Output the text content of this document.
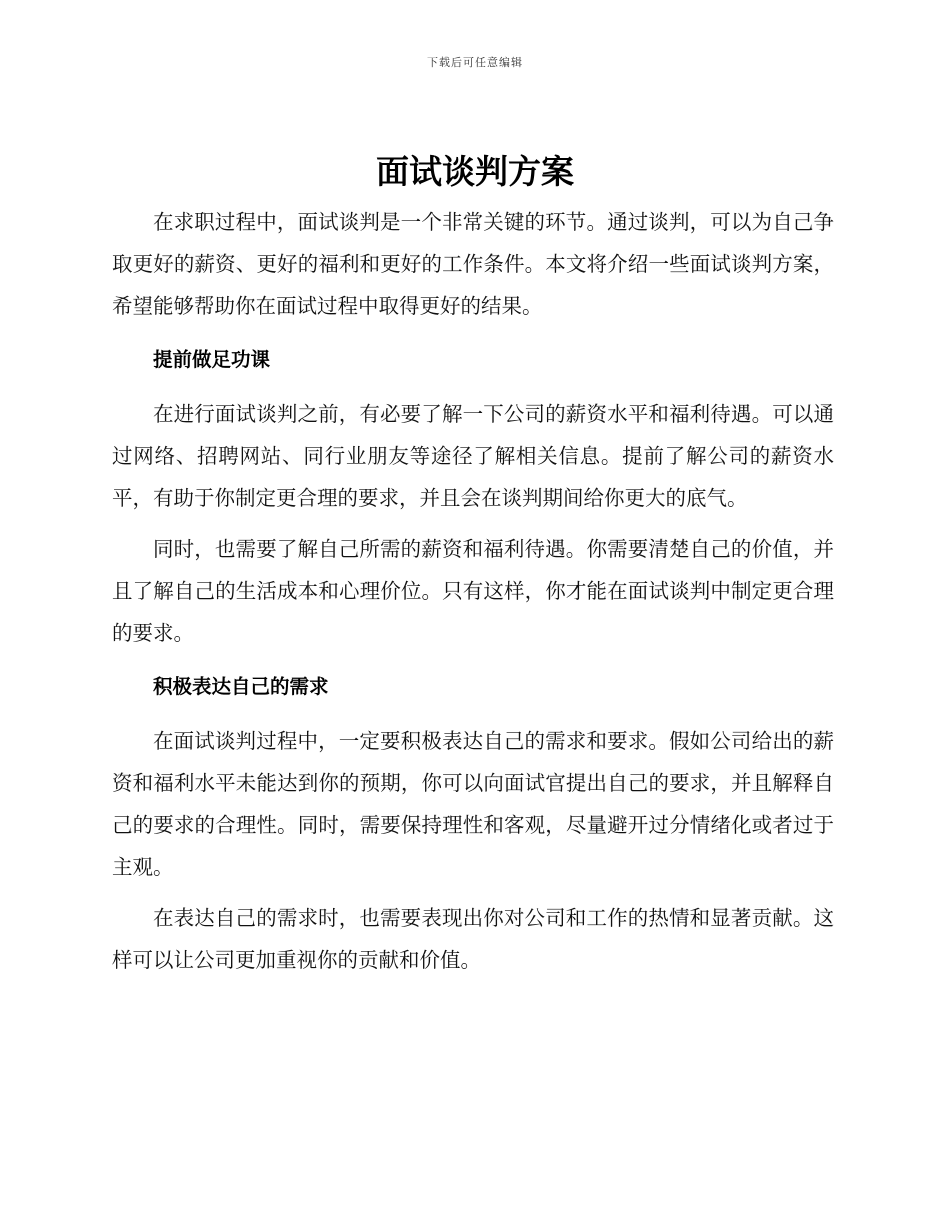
下载后可任意编辑
面试谈判方案

在求职过程中，面试谈判是一个非常关键的环节。通过谈判，可以为自己争取更好的薪资、更好的福利和更好的工作条件。本文将介绍一些面试谈判方案，希望能够帮助你在面试过程中取得更好的结果。

提前做足功课

在进行面试谈判之前，有必要了解一下公司的薪资水平和福利待遇。可以通过网络、招聘网站、同行业朋友等途径了解相关信息。提前了解公司的薪资水平，有助于你制定更合理的要求，并且会在谈判期间给你更大的底气。

同时，也需要了解自己所需的薪资和福利待遇。你需要清楚自己的价值，并且了解自己的生活成本和心理价位。只有这样，你才能在面试谈判中制定更合理的要求。

积极表达自己的需求

在面试谈判过程中，一定要积极表达自己的需求和要求。假如公司给出的薪资和福利水平未能达到你的预期，你可以向面试官提出自己的要求，并且解释自己的要求的合理性。同时，需要保持理性和客观，尽量避开过分情绪化或者过于主观。

在表达自己的需求时，也需要表现出你对公司和工作的热情和显著贡献。这样可以让公司更加重视你的贡献和价值。
